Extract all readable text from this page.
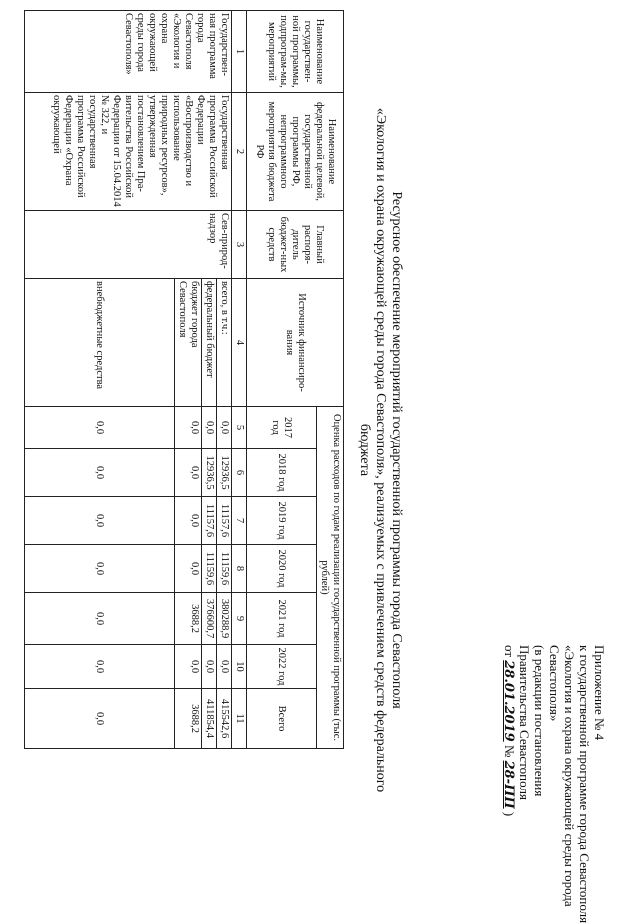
Приложение № 4
к государственной программе города Севастополя
«Экология и охрана окружающей среды города
Севастополя»
(в редакции постановления
Правительства Севастополя
от 28.01.2019 № 28-ПП )
Ресурсное обеспечение мероприятий государственной программы города Севастополя
«Экология и охрана окружающей среды города Севастополя», реализуемых с привлечением средств федерального
бюджета
Наименование государствен-ной программы, подпрограм-мы, мероприятий	Наименование федеральной целевой, государственной программы РФ, непрограммного мероприятия бюджета РФ	Главный распоря-дитель бюджет-ных средств	Источник финансиро-вания	Оценка расходов по годам реализации государственной программы (тыс. рублей)						
				2017 год	2018 год	2019 год	2020 год	2021 год	2022 год	Всего
1	2	3	4	5	6	7	8	9	10	11
Государствен-ная программа города Севастополя «Экология и охрана окружающей среды города Севастополя»	Государственная программа Российской Федерации «Воспроизводство и использование природных ресурсов», утвержденная постановлением Пра-вительства Российской Федерации от 15.04.2014 № 322, и государственная программа Российской Федерации «Охрана окружающей	Сев-природ-надзор	всего, в т.ч.:	0,0	12936,5	11157,6	11159,6	380288,9	0,0	415542,6
			федеральный бюджет	0,0	12936,5	11157,6	11159,6	376600,7	0,0	411854,4
			бюджет города Севастополя	0,0	0,0	0,0	0,0	3688,2	0,0	3688,2
			внебюджетные средства	0,0	0,0	0,0	0,0	0,0	0,0	0,0
